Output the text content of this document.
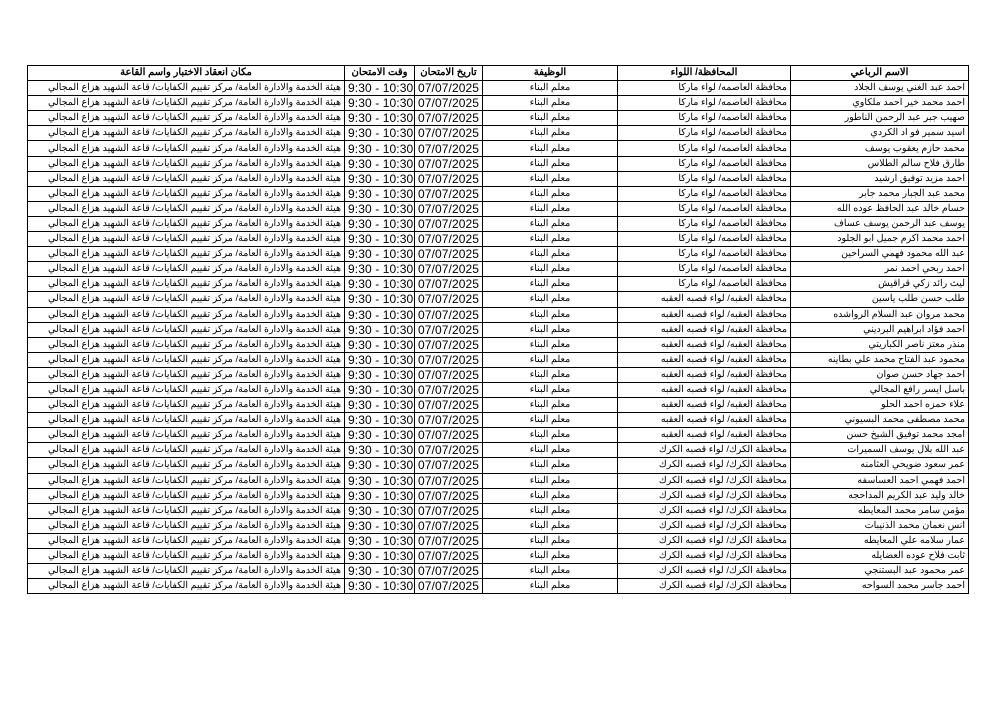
الاسم الرباعي	المحافظة/ اللواء	الوظيفة	تاريخ الامتحان	وقت الامتحان	مكان انعقاد الاختبار واسم القاعة
احمد عبد الغني يوسف الجلاد	محافظة العاصمه/ لواء ماركا	معلم البناء	07/07/2025	9:30 - 10:30	هيئة الخدمة والادارة العامة/ مركز تقييم الكفايات/ قاعة الشهيد هزاع المجالي
احمد محمد خير احمد ملكاوي	محافظة العاصمه/ لواء ماركا	معلم البناء	07/07/2025	9:30 - 10:30	هيئة الخدمة والادارة العامة/ مركز تقييم الكفايات/ قاعة الشهيد هزاع المجالي
صهيب جبر عبد الرحمن الناطور	محافظة العاصمه/ لواء ماركا	معلم البناء	07/07/2025	9:30 - 10:30	هيئة الخدمة والادارة العامة/ مركز تقييم الكفايات/ قاعة الشهيد هزاع المجالي
اسيد سمير فو اد الكردي	محافظة العاصمه/ لواء ماركا	معلم البناء	07/07/2025	9:30 - 10:30	هيئة الخدمة والادارة العامة/ مركز تقييم الكفايات/ قاعة الشهيد هزاع المجالي
محمد حازم يعقوب يوسف	محافظة العاصمه/ لواء ماركا	معلم البناء	07/07/2025	9:30 - 10:30	هيئة الخدمة والادارة العامة/ مركز تقييم الكفايات/ قاعة الشهيد هزاع المجالي
طارق فلاح سالم الطلاس	محافظة العاصمه/ لواء ماركا	معلم البناء	07/07/2025	9:30 - 10:30	هيئة الخدمة والادارة العامة/ مركز تقييم الكفايات/ قاعة الشهيد هزاع المجالي
احمد مزيد توفيق ارشيد	محافظة العاصمه/ لواء ماركا	معلم البناء	07/07/2025	9:30 - 10:30	هيئة الخدمة والادارة العامة/ مركز تقييم الكفايات/ قاعة الشهيد هزاع المجالي
محمد عبد الجبار محمد جابر	محافظة العاصمه/ لواء ماركا	معلم البناء	07/07/2025	9:30 - 10:30	هيئة الخدمة والادارة العامة/ مركز تقييم الكفايات/ قاعة الشهيد هزاع المجالي
حسام خالد عبد الحافظ عوده الله	محافظة العاصمه/ لواء ماركا	معلم البناء	07/07/2025	9:30 - 10:30	هيئة الخدمة والادارة العامة/ مركز تقييم الكفايات/ قاعة الشهيد هزاع المجالي
يوسف عبد الرحمن يوسف عساف	محافظة العاصمه/ لواء ماركا	معلم البناء	07/07/2025	9:30 - 10:30	هيئة الخدمة والادارة العامة/ مركز تقييم الكفايات/ قاعة الشهيد هزاع المجالي
احمد محمد اكرم جميل ابو الجلود	محافظة العاصمه/ لواء ماركا	معلم البناء	07/07/2025	9:30 - 10:30	هيئة الخدمة والادارة العامة/ مركز تقييم الكفايات/ قاعة الشهيد هزاع المجالي
عبد الله محمود فهمي السراحين	محافظة العاصمه/ لواء ماركا	معلم البناء	07/07/2025	9:30 - 10:30	هيئة الخدمة والادارة العامة/ مركز تقييم الكفايات/ قاعة الشهيد هزاع المجالي
احمد ربحي احمد نمر	محافظة العاصمه/ لواء ماركا	معلم البناء	07/07/2025	9:30 - 10:30	هيئة الخدمة والادارة العامة/ مركز تقييم الكفايات/ قاعة الشهيد هزاع المجالي
ليث رائد زكي قراقيش	محافظة العاصمه/ لواء ماركا	معلم البناء	07/07/2025	9:30 - 10:30	هيئة الخدمة والادارة العامة/ مركز تقييم الكفايات/ قاعة الشهيد هزاع المجالي
طلب حسن طلب ياسين	محافظة العقبه/ لواء قصبه العقبه	معلم البناء	07/07/2025	9:30 - 10:30	هيئة الخدمة والادارة العامة/ مركز تقييم الكفايات/ قاعة الشهيد هزاع المجالي
محمد مروان عبد السلام الرواشده	محافظة العقبه/ لواء قصبه العقبه	معلم البناء	07/07/2025	9:30 - 10:30	هيئة الخدمة والادارة العامة/ مركز تقييم الكفايات/ قاعة الشهيد هزاع المجالي
احمد فؤاد ابراهيم البرديني	محافظة العقبه/ لواء قصبه العقبه	معلم البناء	07/07/2025	9:30 - 10:30	هيئة الخدمة والادارة العامة/ مركز تقييم الكفايات/ قاعة الشهيد هزاع المجالي
منذر معتز ناصر الكباريتي	محافظة العقبه/ لواء قصبه العقبه	معلم البناء	07/07/2025	9:30 - 10:30	هيئة الخدمة والادارة العامة/ مركز تقييم الكفايات/ قاعة الشهيد هزاع المجالي
محمود عبد الفتاح محمد علي بطاينه	محافظة العقبه/ لواء قصبه العقبه	معلم البناء	07/07/2025	9:30 - 10:30	هيئة الخدمة والادارة العامة/ مركز تقييم الكفايات/ قاعة الشهيد هزاع المجالي
احمد جهاد حسن صوان	محافظة العقبه/ لواء قصبه العقبه	معلم البناء	07/07/2025	9:30 - 10:30	هيئة الخدمة والادارة العامة/ مركز تقييم الكفايات/ قاعة الشهيد هزاع المجالي
باسل ايسر رافع المجالي	محافظة العقبه/ لواء قصبه العقبه	معلم البناء	07/07/2025	9:30 - 10:30	هيئة الخدمة والادارة العامة/ مركز تقييم الكفايات/ قاعة الشهيد هزاع المجالي
علاء حمزه احمد الحلو	محافظة العقبه/ لواء قصبه العقبه	معلم البناء	07/07/2025	9:30 - 10:30	هيئة الخدمة والادارة العامة/ مركز تقييم الكفايات/ قاعة الشهيد هزاع المجالي
محمد مصطفى محمد البسيوني	محافظة العقبه/ لواء قصبه العقبه	معلم البناء	07/07/2025	9:30 - 10:30	هيئة الخدمة والادارة العامة/ مركز تقييم الكفايات/ قاعة الشهيد هزاع المجالي
امجد محمد توفيق الشيخ حسن	محافظة العقبه/ لواء قصبه العقبه	معلم البناء	07/07/2025	9:30 - 10:30	هيئة الخدمة والادارة العامة/ مركز تقييم الكفايات/ قاعة الشهيد هزاع المجالي
عبد الله بلال يوسف السميرات	محافظة الكرك/ لواء قصبه الكرك	معلم البناء	07/07/2025	9:30 - 10:30	هيئة الخدمة والادارة العامة/ مركز تقييم الكفايات/ قاعة الشهيد هزاع المجالي
عمر سعود ضويحي العثامنه	محافظة الكرك/ لواء قصبه الكرك	معلم البناء	07/07/2025	9:30 - 10:30	هيئة الخدمة والادارة العامة/ مركز تقييم الكفايات/ قاعة الشهيد هزاع المجالي
احمد فهمي احمد العساسفه	محافظة الكرك/ لواء قصبه الكرك	معلم البناء	07/07/2025	9:30 - 10:30	هيئة الخدمة والادارة العامة/ مركز تقييم الكفايات/ قاعة الشهيد هزاع المجالي
خالد وليد عبد الكريم المداحجه	محافظة الكرك/ لواء قصبه الكرك	معلم البناء	07/07/2025	9:30 - 10:30	هيئة الخدمة والادارة العامة/ مركز تقييم الكفايات/ قاعة الشهيد هزاع المجالي
مؤمن سامر محمد المعايطه	محافظة الكرك/ لواء قصبه الكرك	معلم البناء	07/07/2025	9:30 - 10:30	هيئة الخدمة والادارة العامة/ مركز تقييم الكفايات/ قاعة الشهيد هزاع المجالي
انس نعمان محمد الذنيبات	محافظة الكرك/ لواء قصبه الكرك	معلم البناء	07/07/2025	9:30 - 10:30	هيئة الخدمة والادارة العامة/ مركز تقييم الكفايات/ قاعة الشهيد هزاع المجالي
عمار سلامه علي المعايطه	محافظة الكرك/ لواء قصبه الكرك	معلم البناء	07/07/2025	9:30 - 10:30	هيئة الخدمة والادارة العامة/ مركز تقييم الكفايات/ قاعة الشهيد هزاع المجالي
ثابت فلاح عوده العضايله	محافظة الكرك/ لواء قصبه الكرك	معلم البناء	07/07/2025	9:30 - 10:30	هيئة الخدمة والادارة العامة/ مركز تقييم الكفايات/ قاعة الشهيد هزاع المجالي
عمر محمود عبد البستنجي	محافظة الكرك/ لواء قصبه الكرك	معلم البناء	07/07/2025	9:30 - 10:30	هيئة الخدمة والادارة العامة/ مركز تقييم الكفايات/ قاعة الشهيد هزاع المجالي
احمد جاسر محمد السواحه	محافظة الكرك/ لواء قصبه الكرك	معلم البناء	07/07/2025	9:30 - 10:30	هيئة الخدمة والادارة العامة/ مركز تقييم الكفايات/ قاعة الشهيد هزاع المجالي
